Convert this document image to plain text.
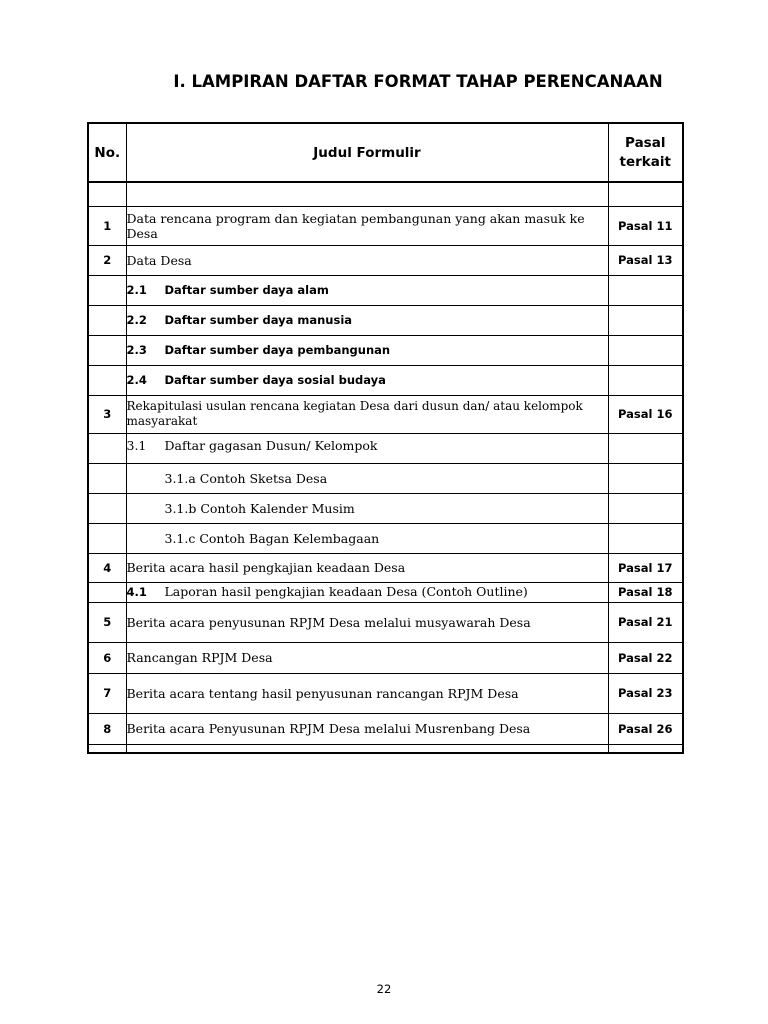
I. LAMPIRAN DAFTAR FORMAT TAHAP PERENCANAAN
No.	Judul Formulir	Pasal terkait

1	Data rencana program dan kegiatan pembangunan yang akan masuk ke Desa	Pasal 11
2	Data Desa	Pasal 13
	2.1 Daftar sumber daya alam	
	2.2 Daftar sumber daya manusia	
	2.3 Daftar sumber daya pembangunan	
	2.4 Daftar sumber daya sosial budaya	
3	Rekapitulasi usulan rencana kegiatan Desa dari dusun dan/ atau kelompok masyarakat	Pasal 16
	3.1 Daftar gagasan Dusun/ Kelompok	
	3.1.a Contoh Sketsa Desa	
	3.1.b Contoh Kalender Musim	
	3.1.c Contoh Bagan Kelembagaan	
4	Berita acara hasil pengkajian keadaan Desa	Pasal 17
	4.1 Laporan hasil pengkajian keadaan Desa (Contoh Outline)	Pasal 18
5	Berita acara penyusunan RPJM Desa melalui musyawarah Desa	Pasal 21
6	Rancangan RPJM Desa	Pasal 22
7	Berita acara tentang hasil penyusunan rancangan RPJM Desa	Pasal 23
8	Berita acara Penyusunan RPJM Desa melalui Musrenbang Desa	Pasal 26

22
